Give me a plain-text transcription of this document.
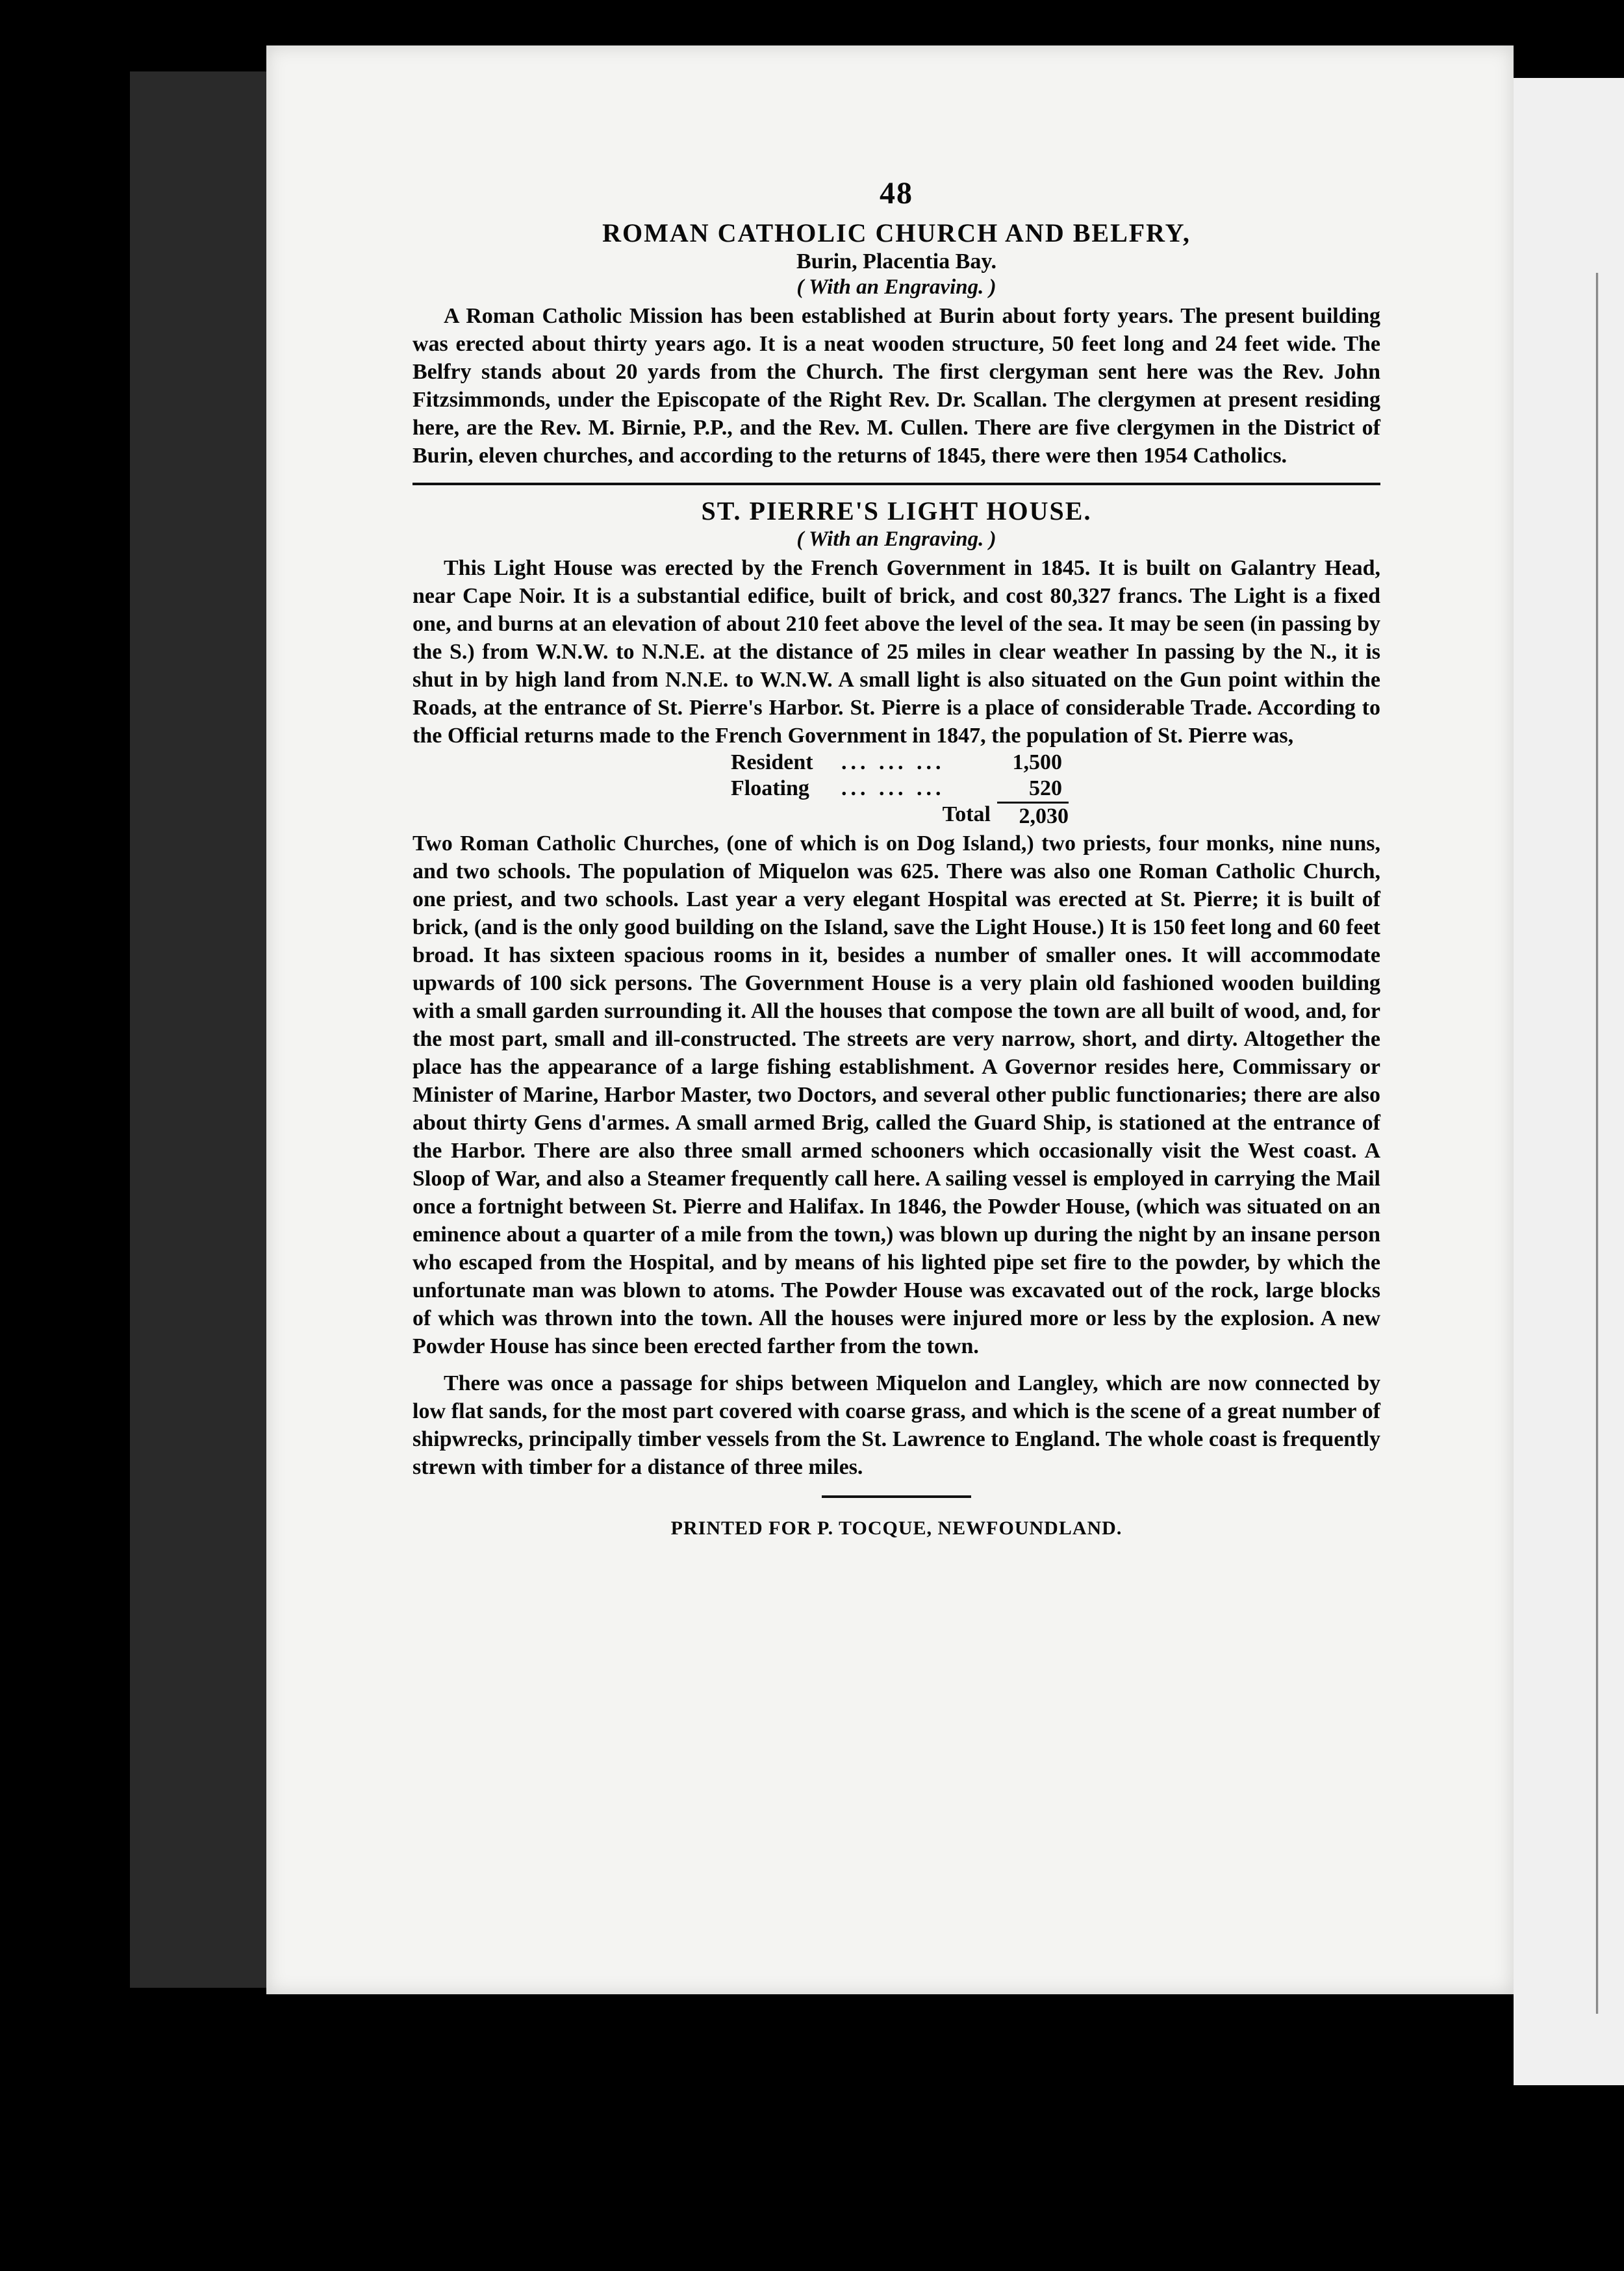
48
ROMAN CATHOLIC CHURCH AND BELFRY,
Burin, Placentia Bay.
( With an Engraving. )

A Roman Catholic Mission has been established at Burin about forty years. The present building was erected about thirty years ago. It is a neat wooden structure, 50 feet long and 24 feet wide. The Belfry stands about 20 yards from the Church. The first clergyman sent here was the Rev. John Fitzsimmonds, under the Episcopate of the Right Rev. Dr. Scallan. The clergymen at present residing here, are the Rev. M. Birnie, P.P., and the Rev. M. Cullen. There are five clergymen in the District of Burin, eleven churches, and according to the returns of 1845, there were then 1954 Catholics.

ST. PIERRE'S LIGHT HOUSE.
( With an Engraving. )

This Light House was erected by the French Government in 1845. It is built on Galantry Head, near Cape Noir. It is a substantial edifice, built of brick, and cost 80,327 francs. The Light is a fixed one, and burns at an elevation of about 210 feet above the level of the sea. It may be seen (in passing by the S.) from W.N.W. to N.N.E. at the distance of 25 miles in clear weather In passing by the N., it is shut in by high land from N.N.E. to W.N.W. A small light is also situated on the Gun point within the Roads, at the entrance of St. Pierre's Harbor. St. Pierre is a place of considerable Trade. According to the Official returns made to the French Government in 1847, the population of St. Pierre was,

Resident	... ... ...	1,500
Floating	... ... ...	520
Total	2,030

Two Roman Catholic Churches, (one of which is on Dog Island,) two priests, four monks, nine nuns, and two schools. The population of Miquelon was 625. There was also one Roman Catholic Church, one priest, and two schools. Last year a very elegant Hospital was erected at St. Pierre; it is built of brick, (and is the only good building on the Island, save the Light House.) It is 150 feet long and 60 feet broad. It has sixteen spacious rooms in it, besides a number of smaller ones. It will accommodate upwards of 100 sick persons. The Government House is a very plain old fashioned wooden building with a small garden surrounding it. All the houses that compose the town are all built of wood, and, for the most part, small and ill-constructed. The streets are very narrow, short, and dirty. Altogether the place has the appearance of a large fishing establishment. A Governor resides here, Commissary or Minister of Marine, Harbor Master, two Doctors, and several other public functionaries; there are also about thirty Gens d'armes. A small armed Brig, called the Guard Ship, is stationed at the entrance of the Harbor. There are also three small armed schooners which occasionally visit the West coast. A Sloop of War, and also a Steamer frequently call here. A sailing vessel is employed in carrying the Mail once a fortnight between St. Pierre and Halifax. In 1846, the Powder House, (which was situated on an eminence about a quarter of a mile from the town,) was blown up during the night by an insane person who escaped from the Hospital, and by means of his lighted pipe set fire to the powder, by which the unfortunate man was blown to atoms. The Powder House was excavated out of the rock, large blocks of which was thrown into the town. All the houses were injured more or less by the explosion. A new Powder House has since been erected farther from the town.

There was once a passage for ships between Miquelon and Langley, which are now connected by low flat sands, for the most part covered with coarse grass, and which is the scene of a great number of shipwrecks, principally timber vessels from the St. Lawrence to England. The whole coast is frequently strewn with timber for a distance of three miles.

PRINTED FOR P. TOCQUE, NEWFOUNDLAND.
